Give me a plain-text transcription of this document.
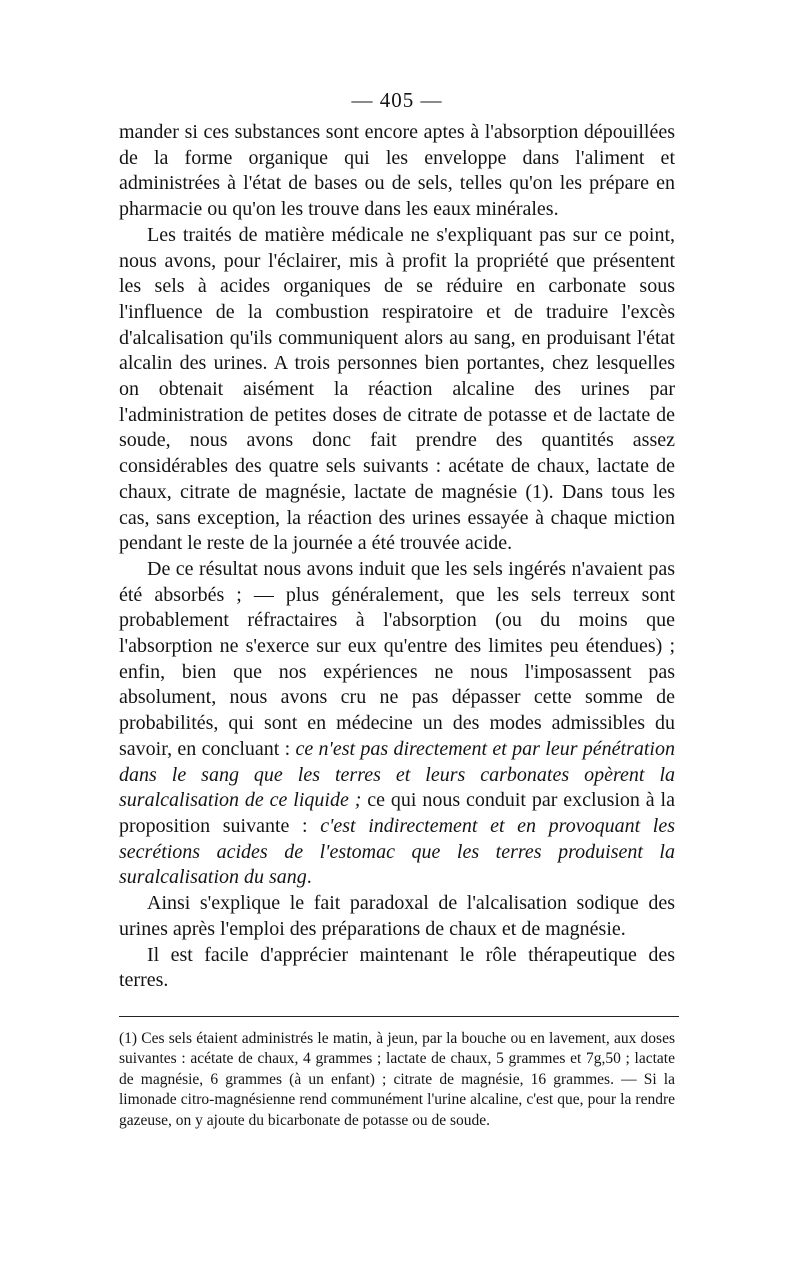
— 405 —

mander si ces substances sont encore aptes à l'absorption dépouillées de la forme organique qui les enveloppe dans l'aliment et administrées à l'état de bases ou de sels, telles qu'on les prépare en pharmacie ou qu'on les trouve dans les eaux minérales.

Les traités de matière médicale ne s'expliquant pas sur ce point, nous avons, pour l'éclairer, mis à profit la propriété que présentent les sels à acides organiques de se réduire en carbonate sous l'influence de la combustion respiratoire et de traduire l'excès d'alcalisation qu'ils communiquent alors au sang, en produisant l'état alcalin des urines. A trois personnes bien portantes, chez lesquelles on obtenait aisément la réaction alcaline des urines par l'administration de petites doses de citrate de potasse et de lactate de soude, nous avons donc fait prendre des quantités assez considérables des quatre sels suivants : acétate de chaux, lactate de chaux, citrate de magnésie, lactate de magnésie (1). Dans tous les cas, sans exception, la réaction des urines essayée à chaque miction pendant le reste de la journée a été trouvée acide.

De ce résultat nous avons induit que les sels ingérés n'avaient pas été absorbés ; — plus généralement, que les sels terreux sont probablement réfractaires à l'absorption (ou du moins que l'absorption ne s'exerce sur eux qu'entre des limites peu étendues) ; enfin, bien que nos expériences ne nous l'imposassent pas absolument, nous avons cru ne pas dépasser cette somme de probabilités, qui sont en médecine un des modes admissibles du savoir, en concluant : ce n'est pas directement et par leur pénétration dans le sang que les terres et leurs carbonates opèrent la suralcalisation de ce liquide ; ce qui nous conduit par exclusion à la proposition suivante : c'est indirectement et en provoquant les secrétions acides de l'estomac que les terres produisent la suralcalisation du sang.

Ainsi s'explique le fait paradoxal de l'alcalisation sodique des urines après l'emploi des préparations de chaux et de magnésie.

Il est facile d'apprécier maintenant le rôle thérapeutique des terres.

(1) Ces sels étaient administrés le matin, à jeun, par la bouche ou en lavement, aux doses suivantes : acétate de chaux, 4 grammes ; lactate de chaux, 5 grammes et 7g,50 ; lactate de magnésie, 6 grammes (à un enfant) ; citrate de magnésie, 16 grammes. — Si la limonade citro-magnésienne rend communément l'urine alcaline, c'est que, pour la rendre gazeuse, on y ajoute du bicarbonate de potasse ou de soude.
